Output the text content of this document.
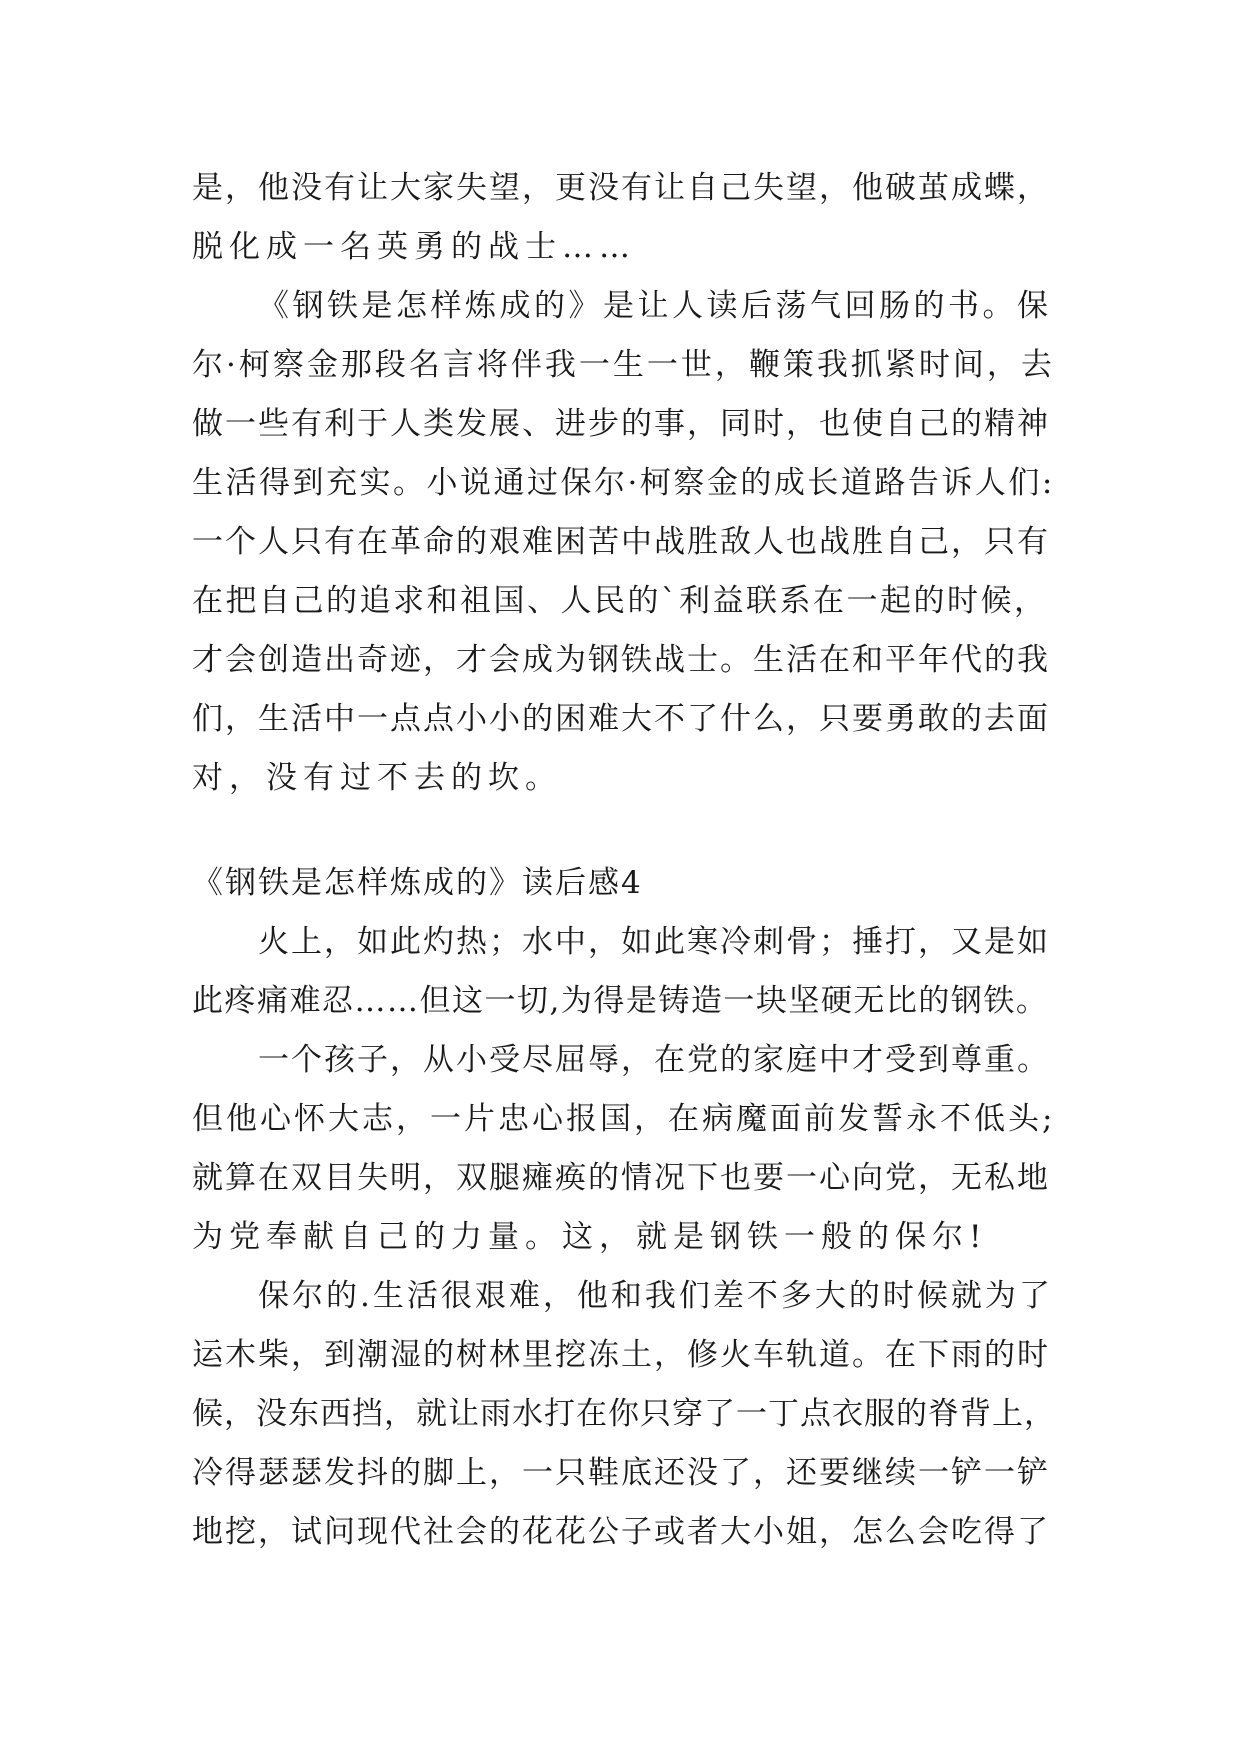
是，他没有让大家失望，更没有让自己失望，他破茧成蝶，
脱化成一名英勇的战士……
《钢铁是怎样炼成的》是让人读后荡气回肠的书。保
尔·柯察金那段名言将伴我一生一世，鞭策我抓紧时间，去
做一些有利于人类发展、进步的事，同时，也使自己的精神
生活得到充实。小说通过保尔·柯察金的成长道路告诉人们:
一个人只有在革命的艰难困苦中战胜敌人也战胜自己，只有
在把自己的追求和祖国、人民的`利益联系在一起的时候，
才会创造出奇迹，才会成为钢铁战士。生活在和平年代的我
们，生活中一点点小小的困难大不了什么，只要勇敢的去面
对，没有过不去的坎。
《钢铁是怎样炼成的》读后感4
火上，如此灼热；水中，如此寒冷刺骨；捶打，又是如
此疼痛难忍……但这一切,为得是铸造一块坚硬无比的钢铁。
一个孩子，从小受尽屈辱，在党的家庭中才受到尊重。
但他心怀大志，一片忠心报国，在病魔面前发誓永不低头;
就算在双目失明，双腿瘫痪的情况下也要一心向党，无私地
为党奉献自己的力量。这，就是钢铁一般的保尔!
保尔的.生活很艰难，他和我们差不多大的时候就为了
运木柴，到潮湿的树林里挖冻土，修火车轨道。在下雨的时
候，没东西挡，就让雨水打在你只穿了一丁点衣服的脊背上，
冷得瑟瑟发抖的脚上，一只鞋底还没了，还要继续一铲一铲
地挖，试问现代社会的花花公子或者大小姐，怎么会吃得了
